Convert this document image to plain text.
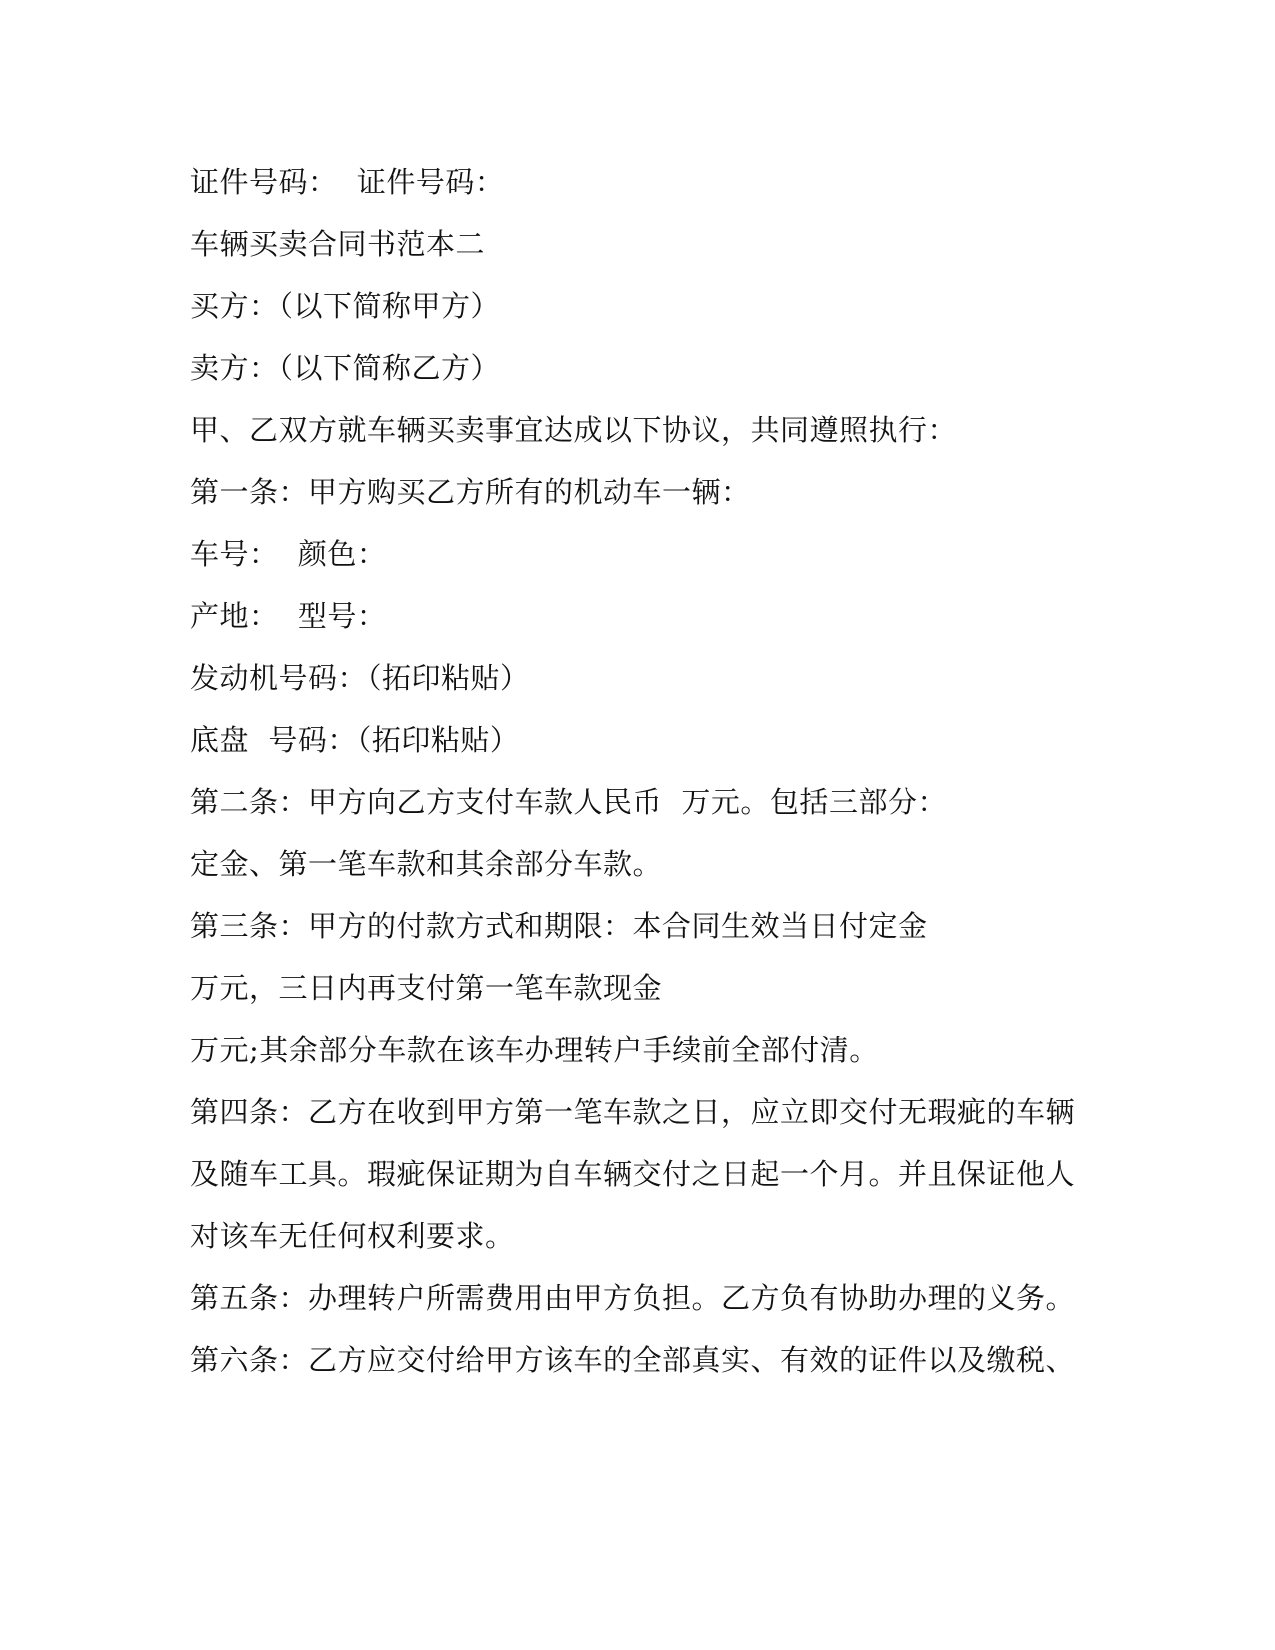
证件号码：  证件号码：

车辆买卖合同书范本二

买方：（以下简称甲方）

卖方：（以下简称乙方）

甲、乙双方就车辆买卖事宜达成以下协议，共同遵照执行：

第一条：甲方购买乙方所有的机动车一辆：

车号：  颜色：

产地：  型号：

发动机号码：（拓印粘贴）

底盘  号码：（拓印粘贴）

第二条：甲方向乙方支付车款人民币  万元。包括三部分：

定金、第一笔车款和其余部分车款。

第三条：甲方的付款方式和期限：本合同生效当日付定金

万元，三日内再支付第一笔车款现金

万元;其余部分车款在该车办理转户手续前全部付清。

第四条：乙方在收到甲方第一笔车款之日，应立即交付无瑕疵的车辆

及随车工具。瑕疵保证期为自车辆交付之日起一个月。并且保证他人

对该车无任何权利要求。

第五条：办理转户所需费用由甲方负担。乙方负有协助办理的义务。

第六条：乙方应交付给甲方该车的全部真实、有效的证件以及缴税、
